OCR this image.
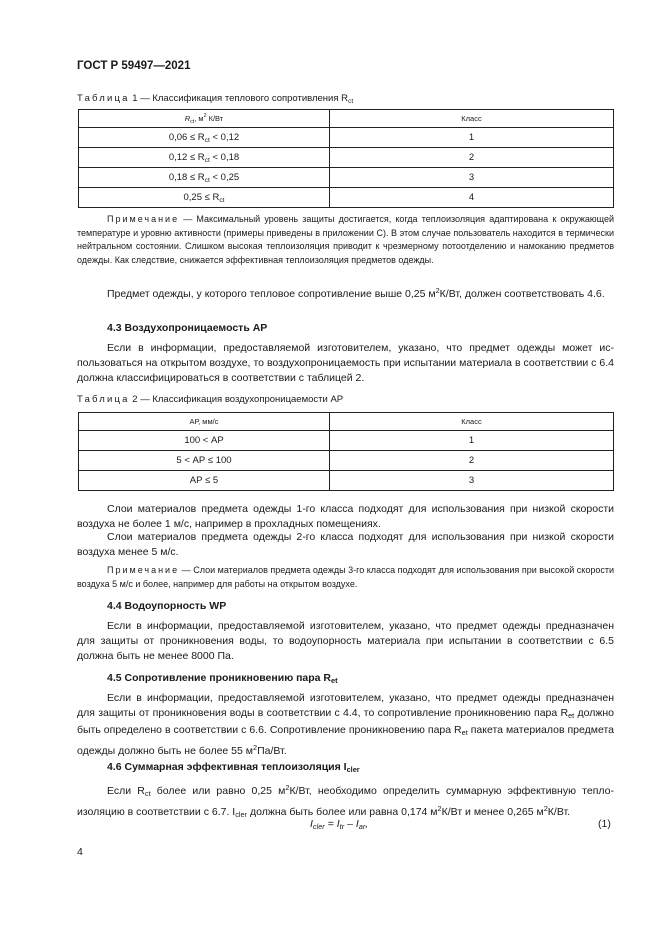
ГОСТ Р 59497—2021
Таблица 1 — Классификация теплового сопротивления $R_{ct}$
$R_{ct}$, $м^2$ К/Вт	Класс
$0,06 \le R_{ct} < 0,12$	1
$0,12 \le R_{ct} < 0,18$	2
$0,18 \le R_{ct} < 0,25$	3
$0,25 \le R_{ct}$	4
Примечание — Максимальный уровень защиты достигается, когда теплоизоляция адаптирована к окружающей температуре и уровню активности (примеры приведены в приложении С). В этом случае пользователь находится в термически нейтральном состоянии. Слишком высокая теплоизоляция приводит к чрезмерному потоотделению и намоканию предметов одежды. Как следствие, снижается эффективная теплоизоляция предметов одежды.
Предмет одежды, у которого тепловое сопротивление выше 0,25 $м^2К/Вт$, должен соответствовать 4.6.
4.3 Воздухопроницаемость АР
Если в информации, предоставляемой изготовителем, указано, что предмет одежды может использоваться на открытом воздухе, то воздухопроницаемость при испытании материала в соответствии с 6.4 должна классифицироваться в соответствии с таблицей 2.
Таблица 2 — Классификация воздухопроницаемости АР
АР, мм/с	Класс
100 < АР	1
5 < АР ≤ 100	2
АР ≤ 5	3
Слои материалов предмета одежды 1-го класса подходят для использования при низкой скорости воздуха не более 1 м/с, например в прохладных помещениях.
Слои материалов предмета одежды 2-го класса подходят для использования при низкой скорости воздуха менее 5 м/с.
Примечание — Слои материалов предмета одежды 3-го класса подходят для использования при высокой скорости воздуха 5 м/с и более, например для работы на открытом воздухе.
4.4 Водоупорность WP
Если в информации, предоставляемой изготовителем, указано, что предмет одежды предназначен для защиты от проникновения воды, то водоупорность материала при испытании в соответствии с 6.5 должна быть не менее 8000 Па.
4.5 Сопротивление проникновению пара $R_{et}$
Если в информации, предоставляемой изготовителем, указано, что предмет одежды предназначен для защиты от проникновения воды в соответствии с 4.4, то сопротивление проникновению пара $R_{et}$ должно быть определено в соответствии с 6.6. Сопротивление проникновению пара $R_{et}$ пакета материалов предмета одежды должно быть не более 55 $м^2Па/Вт$.
4.6 Суммарная эффективная теплоизоляция $I_{cler}$
Если $R_{ct}$ более или равно 0,25 $м^2К/Вт$, необходимо определить суммарную эффективную теплоизоляцию в соответствии с 6.7. $I_{cler}$ должна быть более или равна 0,174 $м^2К/Вт$ и менее 0,265 $м^2К/Вт$.
$I_{cler} = I_{tr} - I_{ar}$,	(1)
4
